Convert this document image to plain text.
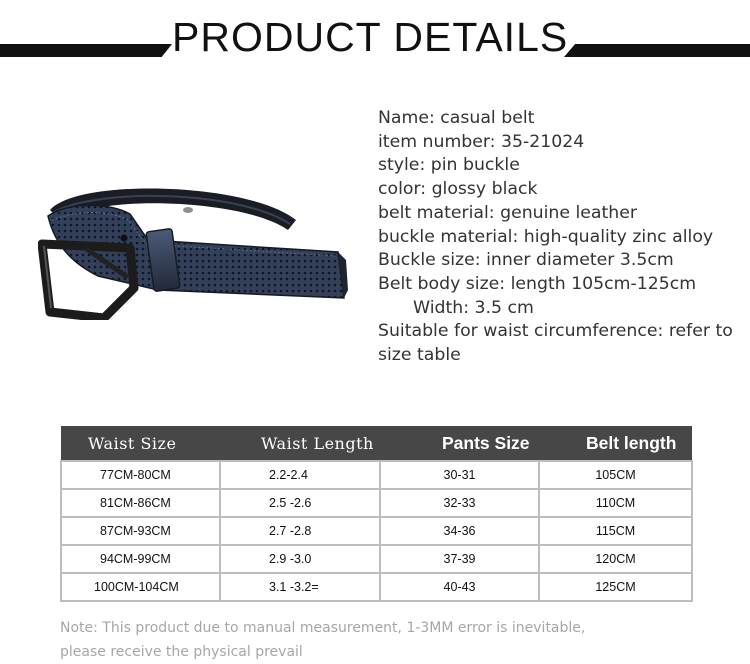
PRODUCT DETAILS
Name: casual belt
item number: 35-21024
style: pin buckle
color: glossy black
belt material: genuine leather
buckle material: high-quality zinc alloy
Buckle size: inner diameter 3.5cm
Belt body size: length 105cm-125cm
Width: 3.5 cm
Suitable for waist circumference: refer to size table
Waist Size	Waist Length	Pants Size	Belt length
77CM-80CM	2.2-2.4	30-31	105CM
81CM-86CM	2.5 -2.6	32-33	110CM
87CM-93CM	2.7 -2.8	34-36	115CM
94CM-99CM	2.9 -3.0	37-39	120CM
100CM-104CM	3.1 -3.2=	40-43	125CM
Note: This product due to manual measurement, 1-3MM error is inevitable,
please receive the physical prevail
